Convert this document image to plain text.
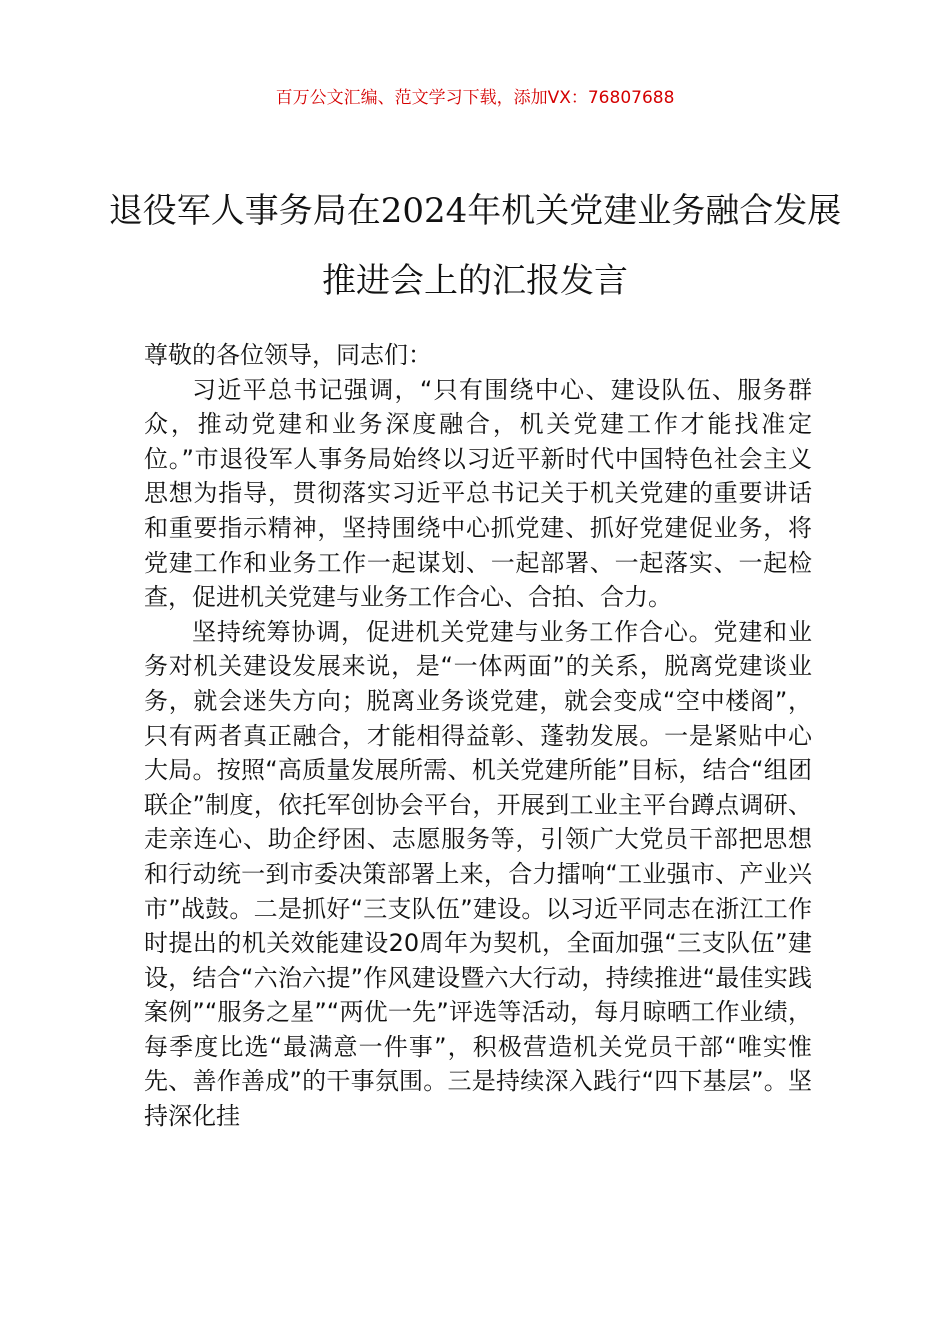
百万公文汇编、范文学习下载，添加VX：76807688
退役军人事务局在2024年机关党建业务融合发展推进会上的汇报发言

尊敬的各位领导，同志们：

习近平总书记强调，“只有围绕中心、建设队伍、服务群众，推动党建和业务深度融合，机关党建工作才能找准定位。”市退役军人事务局始终以习近平新时代中国特色社会主义思想为指导，贯彻落实习近平总书记关于机关党建的重要讲话和重要指示精神，坚持围绕中心抓党建、抓好党建促业务，将党建工作和业务工作一起谋划、一起部署、一起落实、一起检查，促进机关党建与业务工作合心、合拍、合力。

坚持统筹协调，促进机关党建与业务工作合心。党建和业务对机关建设发展来说，是“一体两面”的关系，脱离党建谈业务，就会迷失方向；脱离业务谈党建，就会变成“空中楼阁”，只有两者真正融合，才能相得益彰、蓬勃发展。一是紧贴中心大局。按照“高质量发展所需、机关党建所能”目标，结合“组团联企”制度，依托军创协会平台，开展到工业主平台蹲点调研、走亲连心、助企纾困、志愿服务等，引领广大党员干部把思想和行动统一到市委决策部署上来，合力擂响“工业强市、产业兴市”战鼓。二是抓好“三支队伍”建设。以习近平同志在浙江工作时提出的机关效能建设20周年为契机，全面加强“三支队伍”建设，结合“六治六提”作风建设暨六大行动，持续推进“最佳实践案例”“服务之星”“两优一先”评选等活动，每月晾晒工作业绩，每季度比选“最满意一件事”，积极营造机关党员干部“唯实惟先、善作善成”的干事氛围。三是持续深入践行“四下基层”。坚持深化挂
